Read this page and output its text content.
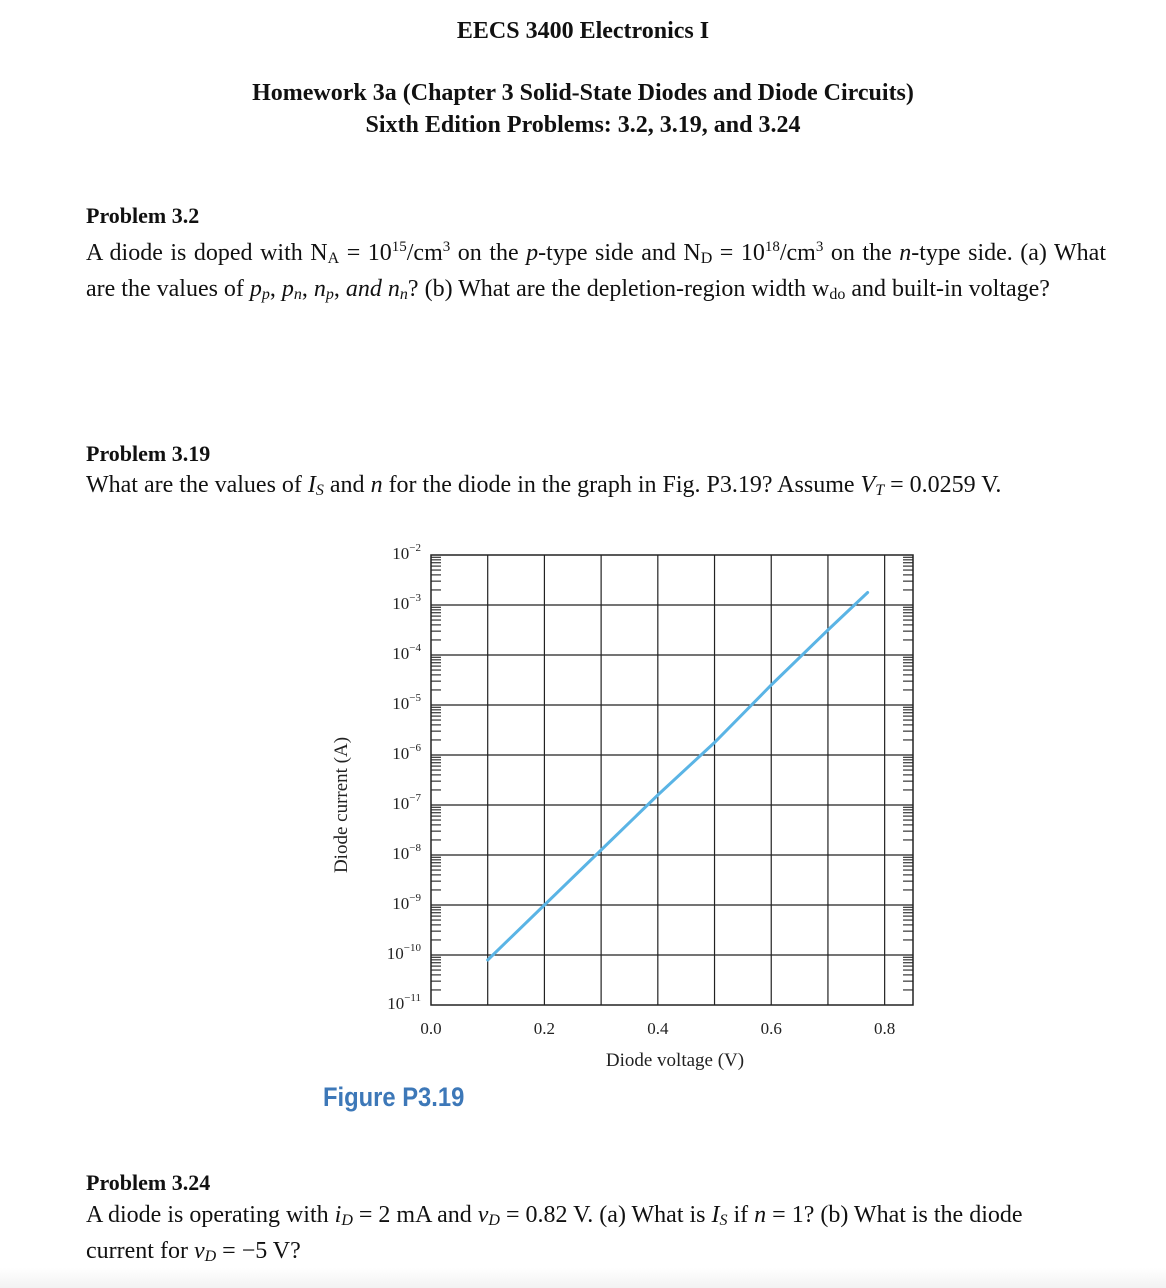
EECS 3400 Electronics I
Homework 3a (Chapter 3 Solid-State Diodes and Diode Circuits)
Sixth Edition Problems: 3.2, 3.19, and 3.24
Problem 3.2
A diode is doped with NA = $10^{15}/cm^3$ on the p-type side and ND = $10^{18}/cm^3$ on the n-type side. (a) What are the values of pp, pn, np, and nn? (b) What are the depletion-region width wdo and built-in voltage?
Problem 3.19
What are the values of IS and n for the diode in the graph in Fig. P3.19? Assume VT = 0.0259 V.
$10^{-2}$
$10^{-3}$
$10^{-4}$
$10^{-5}$
$10^{-6}$
$10^{-7}$
$10^{-8}$
$10^{-9}$
$10^{-10}$
$10^{-11}$
0.0	0.2	0.4	0.6	0.8
Diode voltage (V)
Diode current (A)
Figure P3.19
Problem 3.24
A diode is operating with iD = 2 mA and vD = 0.82 V. (a) What is IS if n = 1? (b) What is the diode current for vD = −5 V?
